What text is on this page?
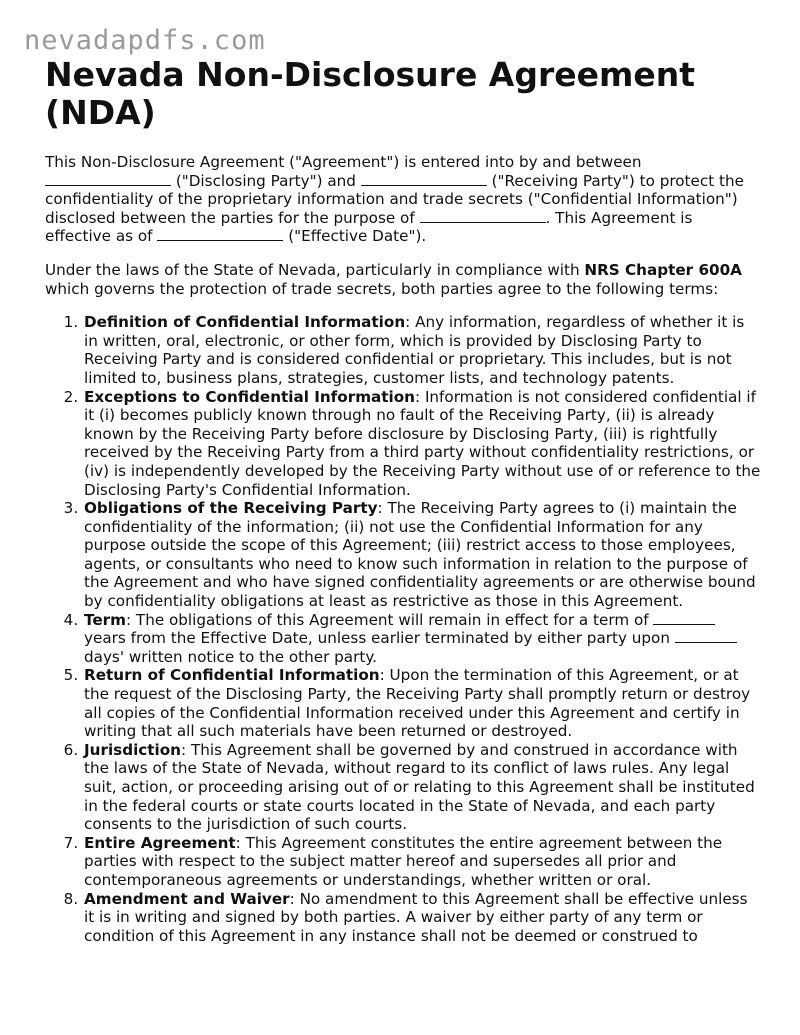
nevadapdfs.com
Nevada Non-Disclosure Agreement (NDA)

This Non-Disclosure Agreement ("Agreement") is entered into by and between  ("Disclosing Party") and	("Receiving Party") to protect the confidentiality of the proprietary information and trade secrets ("Confidential Information") disclosed between the parties for the purpose of	. This Agreement is effective as of	("Effective Date").

Under the laws of the State of Nevada, particularly in compliance with NRS Chapter 600A which governs the protection of trade secrets, both parties agree to the following terms:

1. Definition of Confidential Information: Any information, regardless of whether it is in written, oral, electronic, or other form, which is provided by Disclosing Party to Receiving Party and is considered confidential or proprietary. This includes, but is not limited to, business plans, strategies, customer lists, and technology patents.
2. Exceptions to Confidential Information: Information is not considered confidential if it (i) becomes publicly known through no fault of the Receiving Party, (ii) is already known by the Receiving Party before disclosure by Disclosing Party, (iii) is rightfully received by the Receiving Party from a third party without confidentiality restrictions, or (iv) is independently developed by the Receiving Party without use of or reference to the Disclosing Party's Confidential Information.
3. Obligations of the Receiving Party: The Receiving Party agrees to (i) maintain the confidentiality of the information; (ii) not use the Confidential Information for any purpose outside the scope of this Agreement; (iii) restrict access to those employees, agents, or consultants who need to know such information in relation to the purpose of the Agreement and who have signed confidentiality agreements or are otherwise bound by confidentiality obligations at least as restrictive as those in this Agreement.
4. Term: The obligations of this Agreement will remain in effect for a term of  years from the Effective Date, unless earlier terminated by either party upon  days' written notice to the other party.
5. Return of Confidential Information: Upon the termination of this Agreement, or at the request of the Disclosing Party, the Receiving Party shall promptly return or destroy all copies of the Confidential Information received under this Agreement and certify in writing that all such materials have been returned or destroyed.
6. Jurisdiction: This Agreement shall be governed by and construed in accordance with the laws of the State of Nevada, without regard to its conflict of laws rules. Any legal suit, action, or proceeding arising out of or relating to this Agreement shall be instituted in the federal courts or state courts located in the State of Nevada, and each party consents to the jurisdiction of such courts.
7. Entire Agreement: This Agreement constitutes the entire agreement between the parties with respect to the subject matter hereof and supersedes all prior and contemporaneous agreements or understandings, whether written or oral.
8. Amendment and Waiver: No amendment to this Agreement shall be effective unless it is in writing and signed by both parties. A waiver by either party of any term or condition of this Agreement in any instance shall not be deemed or construed to
